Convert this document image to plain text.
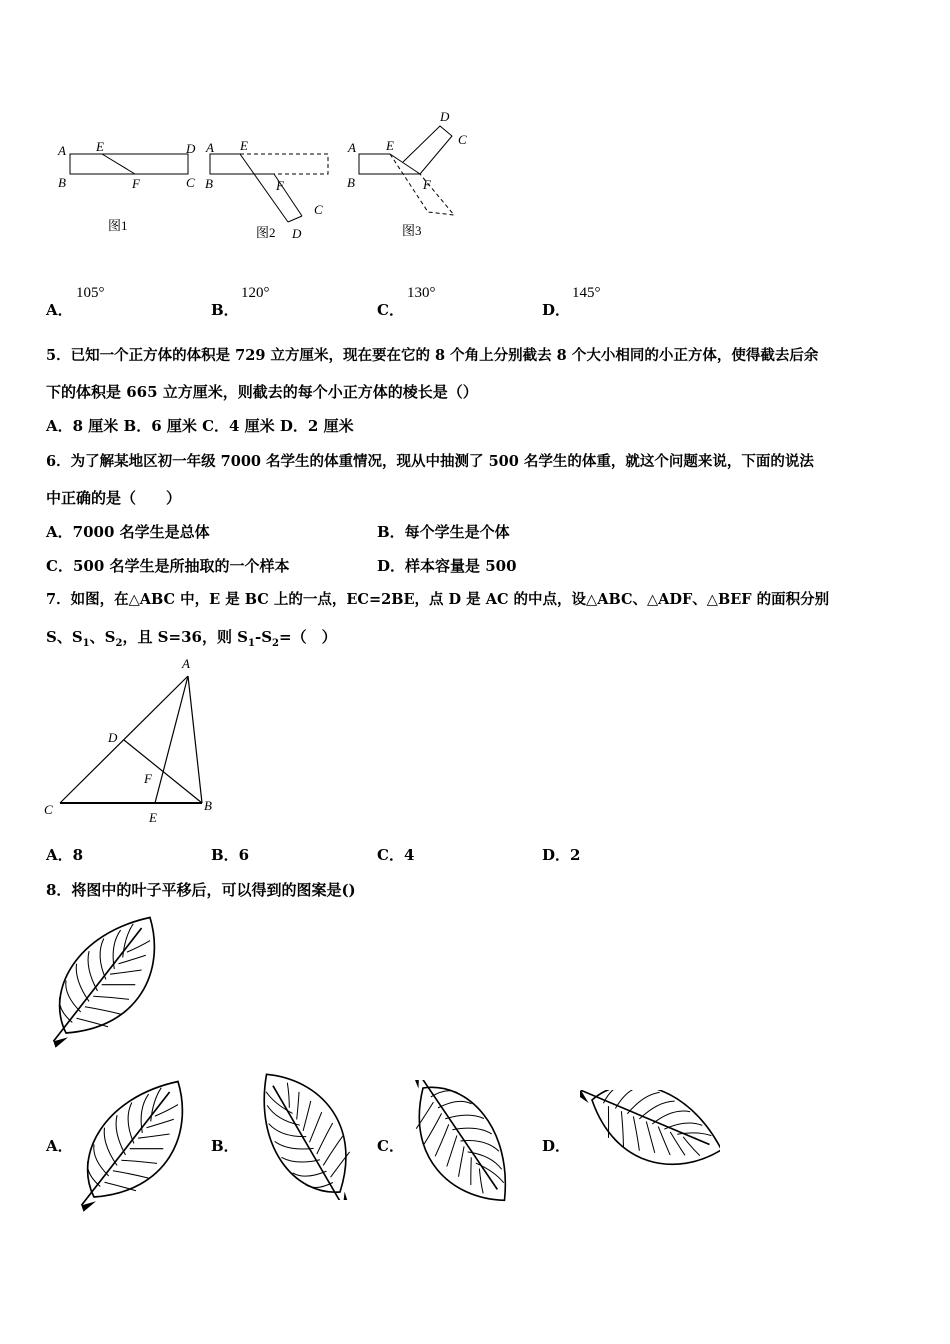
A
B
E
F
D
C
图1
A
B
E
F
C
D
图2
A
B
E
F
D
C
图3
A．
105°
B．
120°
C．
130°
D．
145°
5．已知一个正方体的体积是 729 立方厘米，现在要在它的 8 个角上分别截去 8 个大小相同的小正方体，使得截去后余
下的体积是 665 立方厘米，则截去的每个小正方体的棱长是（）
A．8 厘米 B．6 厘米 C．4 厘米 D．2 厘米
6．为了解某地区初一年级 7000 名学生的体重情况，现从中抽测了 500 名学生的体重，就这个问题来说，下面的说法
中正确的是（　　）
A．7000 名学生是总体	B．每个学生是个体
C．500 名学生是所抽取的一个样本	D．样本容量是 500
7．如图，在△ABC 中，E 是 BC 上的一点，EC=2BE，点 D 是 AC 的中点，设△ABC、△ADF、△BEF 的面积分别
S、$S_1$、$S_2$，且 S=36，则 $S_1-S_2=$（　）
A
D
F
C
E
B
A．8	B．6	C．4	D．2
8．将图中的叶子平移后，可以得到的图案是()
A．	B．	C．	D．
